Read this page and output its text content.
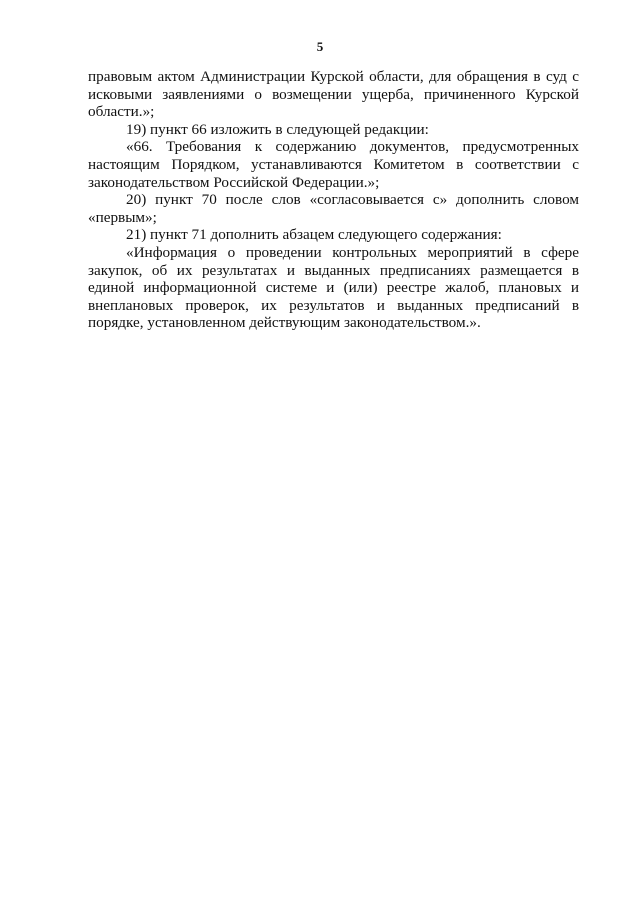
5

правовым актом Администрации Курской области, для обращения в суд с исковыми заявлениями о возмещении ущерба, причиненного Курской области.»;

19) пункт 66 изложить в следующей редакции:

«66. Требования к содержанию документов, предусмотренных настоящим Порядком, устанавливаются Комитетом в соответствии с законодательством Российской Федерации.»;

20) пункт 70 после слов «согласовывается с» дополнить словом «первым»;

21) пункт 71 дополнить абзацем следующего содержания:

«Информация о проведении контрольных мероприятий в сфере закупок, об их результатах и выданных предписаниях размещается в единой информационной системе и (или) реестре жалоб, плановых и внеплановых проверок, их результатов и выданных предписаний в порядке, установленном действующим законодательством.».
